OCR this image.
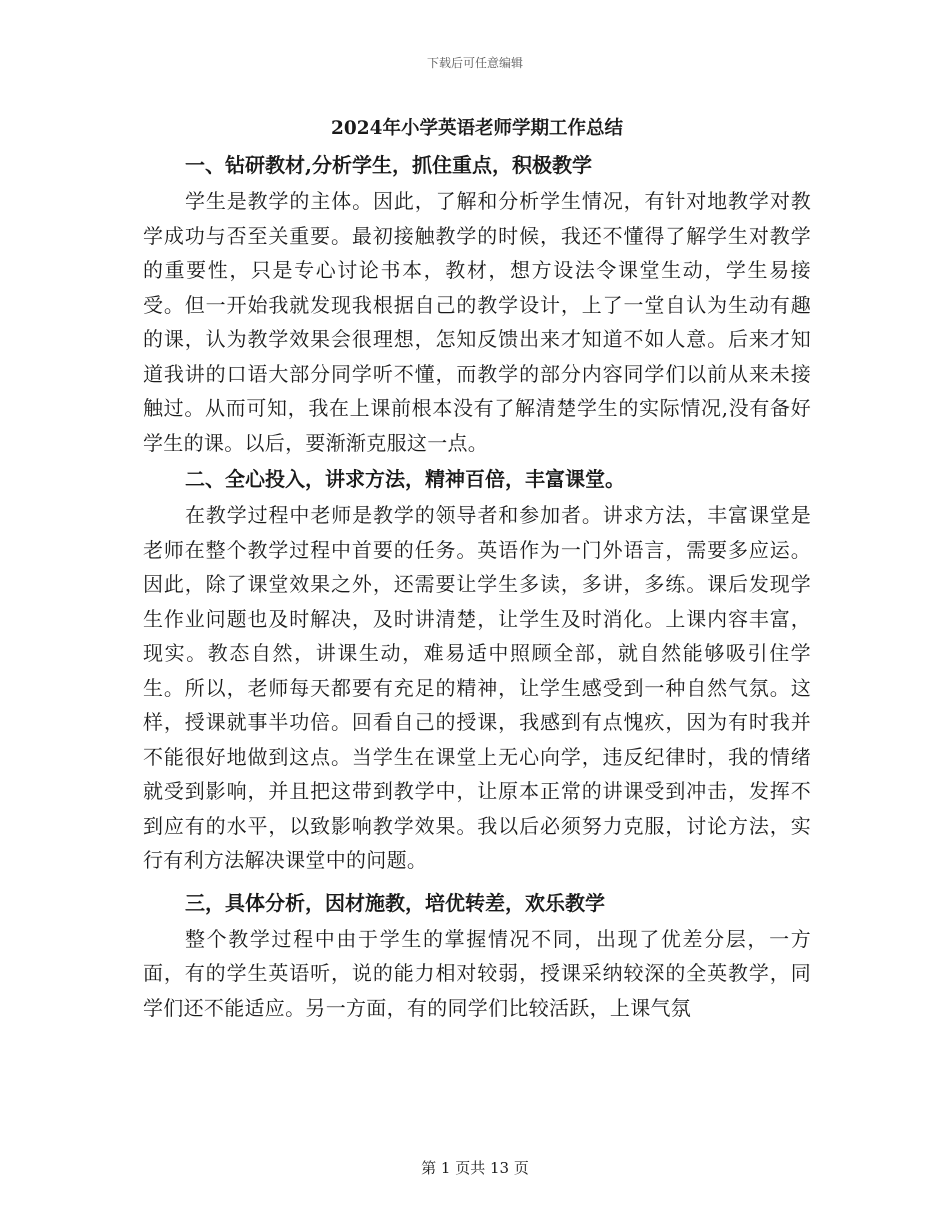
下载后可任意编辑
2024年小学英语老师学期工作总结
一、钻研教材,分析学生，抓住重点，积极教学

学生是教学的主体。因此，了解和分析学生情况，有针对地教学对教学成功与否至关重要。最初接触教学的时候，我还不懂得了解学生对教学的重要性，只是专心讨论书本，教材，想方设法令课堂生动，学生易接受。但一开始我就发现我根据自己的教学设计，上了一堂自认为生动有趣的课，认为教学效果会很理想，怎知反馈出来才知道不如人意。后来才知道我讲的口语大部分同学听不懂，而教学的部分内容同学们以前从来未接触过。从而可知，我在上课前根本没有了解清楚学生的实际情况,没有备好学生的课。以后，要渐渐克服这一点。

二、全心投入，讲求方法，精神百倍，丰富课堂。

在教学过程中老师是教学的领导者和参加者。讲求方法，丰富课堂是老师在整个教学过程中首要的任务。英语作为一门外语言，需要多应运。因此，除了课堂效果之外，还需要让学生多读，多讲，多练。课后发现学生作业问题也及时解决，及时讲清楚，让学生及时消化。上课内容丰富，现实。教态自然，讲课生动，难易适中照顾全部，就自然能够吸引住学生。所以，老师每天都要有充足的精神，让学生感受到一种自然气氛。这样，授课就事半功倍。回看自己的授课，我感到有点愧疚，因为有时我并不能很好地做到这点。当学生在课堂上无心向学，违反纪律时，我的情绪就受到影响，并且把这带到教学中，让原本正常的讲课受到冲击，发挥不到应有的水平，以致影响教学效果。我以后必须努力克服，讨论方法，实行有利方法解决课堂中的问题。

三，具体分析，因材施教，培优转差，欢乐教学

整个教学过程中由于学生的掌握情况不同，出现了优差分层，一方面，有的学生英语听，说的能力相对较弱，授课采纳较深的全英教学，同学们还不能适应。另一方面，有的同学们比较活跃，上课气氛

第 1 页共 13 页
